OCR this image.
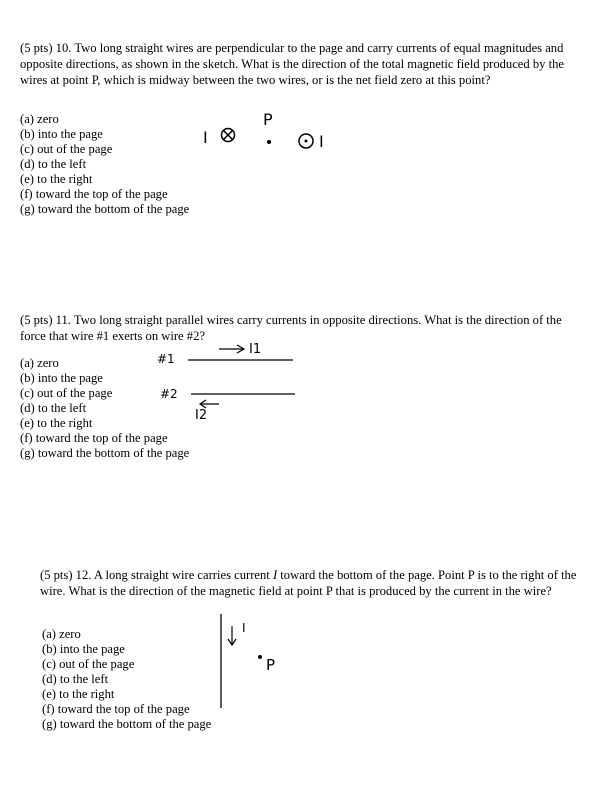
(5 pts) 10. Two long straight wires are perpendicular to the page and carry currents of equal magnitudes and opposite directions, as shown in the sketch. What is the direction of the total magnetic field produced by the wires at point P, which is midway between the two wires, or is the net field zero at this point?

(a) zero
(b) into the page
(c) out of the page
(d) to the left
(e) to the right
(f) toward the top of the page
(g) toward the bottom of the page
I
P
I

(5 pts) 11. Two long straight parallel wires carry currents in opposite directions. What is the direction of the force that wire #1 exerts on wire #2?

(a) zero
(b) into the page
(c) out of the page
(d) to the left
(e) to the right
(f) toward the top of the page
(g) toward the bottom of the page
#1
I1
#2
I2

(5 pts) 12. A long straight wire carries current I toward the bottom of the page. Point P is to the right of the wire. What is the direction of the magnetic field at point P that is produced by the current in the wire?

(a) zero
(b) into the page
(c) out of the page
(d) to the left
(e) to the right
(f) toward the top of the page
(g) toward the bottom of the page
I
P
